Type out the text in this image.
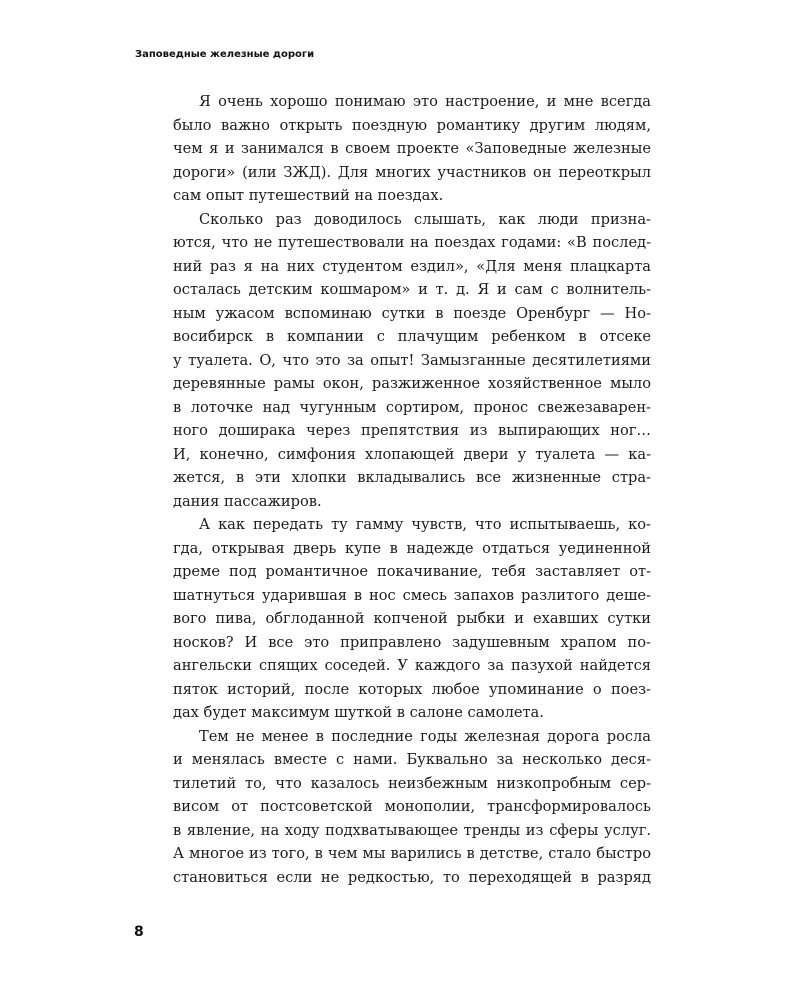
Заповедные железные дороги
Я очень хорошо понимаю это настроение, и мне всегда
было важно открыть поездную романтику другим людям,
чем я и занимался в своем проекте «Заповедные железные
дороги» (или ЗЖД). Для многих участников он переоткрыл
сам опыт путешествий на поездах.
Сколько раз доводилось слышать, как люди призна-
ются, что не путешествовали на поездах годами: «В послед-
ний раз я на них студентом ездил», «Для меня плацкарта
осталась детским кошмаром» и т. д. Я и сам с волнитель-
ным ужасом вспоминаю сутки в поезде Оренбург — Но-
восибирск в компании с плачущим ребенком в отсеке
у туалета. О, что это за опыт! Замызганные десятилетиями
деревянные рамы окон, разжиженное хозяйственное мыло
в лоточке над чугунным сортиром, пронос свежезаварен-
ного доширака через препятствия из выпирающих ног…
И, конечно, симфония хлопающей двери у туалета — ка-
жется, в эти хлопки вкладывались все жизненные стра-
дания пассажиров.
А как передать ту гамму чувств, что испытываешь, ко-
гда, открывая дверь купе в надежде отдаться уединенной
дреме под романтичное покачивание, тебя заставляет от-
шатнуться ударившая в нос смесь запахов разлитого деше-
вого пива, обглоданной копченой рыбки и ехавших сутки
носков? И все это приправлено задушевным храпом по-
ангельски спящих соседей. У каждого за пазухой найдется
пяток историй, после которых любое упоминание о поез-
дах будет максимум шуткой в салоне самолета.
Тем не менее в последние годы железная дорога росла
и менялась вместе с нами. Буквально за несколько деся-
тилетий то, что казалось неизбежным низкопробным сер-
висом от постсоветской монополии, трансформировалось
в явление, на ходу подхватывающее тренды из сферы услуг.
А многое из того, в чем мы варились в детстве, стало быстро
становиться если не редкостью, то переходящей в разряд
8
